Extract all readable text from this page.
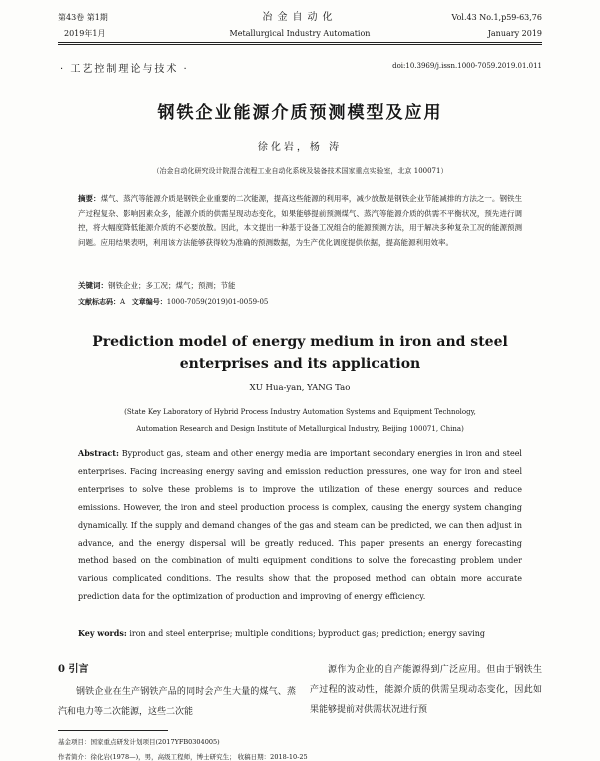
第43卷 第1期
2019年1月
冶金自动化
Metallurgical Industry Automation
Vol.43 No.1,p59-63,76
January 2019
· 工艺控制理论与技术 ·	doi:10.3969/j.issn.1000-7059.2019.01.011
钢铁企业能源介质预测模型及应用
徐化岩，杨 涛
（冶金自动化研究设计院混合流程工业自动化系统及装备技术国家重点实验室，北京 100071）

摘要：煤气、蒸汽等能源介质是钢铁企业重要的二次能源，提高这些能源的利用率，减少放散是钢铁企业节能减排的方法之一。钢铁生产过程复杂、影响因素众多，能源介质的供需呈现动态变化，如果能够提前预测煤气、蒸汽等能源介质的供需不平衡状况，预先进行调控，将大幅度降低能源介质的不必要放散。因此，本文提出一种基于设备工况组合的能源预测方法，用于解决多种复杂工况的能源预测问题。应用结果表明，利用该方法能够获得较为准确的预测数据，为生产优化调度提供依据，提高能源利用效率。

关键词：钢铁企业；多工况；煤气；预测；节能
文献标志码：A 文章编号：1000-7059(2019)01-0059-05

Prediction model of energy medium in iron and steel
enterprises and its application

XU Hua-yan, YANG Tao

(State Key Laboratory of Hybrid Process Industry Automation Systems and Equipment Technology,
Automation Research and Design Institute of Metallurgical Industry, Beijing 100071, China)

Abstract: Byproduct gas, steam and other energy media are important secondary energies in iron and steel enterprises. Facing increasing energy saving and emission reduction pressures, one way for iron and steel enterprises to solve these problems is to improve the utilization of these energy sources and reduce emissions. However, the iron and steel production process is complex, causing the energy system changing dynamically. If the supply and demand changes of the gas and steam can be predicted, we can then adjust in advance, and the energy dispersal will be greatly reduced. This paper presents an energy forecasting method based on the combination of multi equipment conditions to solve the forecasting problem under various complicated conditions. The results show that the proposed method can obtain more accurate prediction data for the optimization of production and improving of energy efficiency.

Key words: iron and steel enterprise; multiple conditions; byproduct gas; prediction; energy saving
0 引言

钢铁企业在生产钢铁产品的同时会产生大量的煤气、蒸汽和电力等二次能源，这些二次能

源作为企业的自产能源得到广泛应用。但由于钢铁生产过程的波动性，能源介质的供需呈现动态变化，因此如果能够提前对供需状况进行预

基金项目：国家重点研发计划项目(2017YFB0304005)
作者简介：徐化岩(1978—)，男，高级工程师，博士研究生； 收稿日期：2018-10-25
